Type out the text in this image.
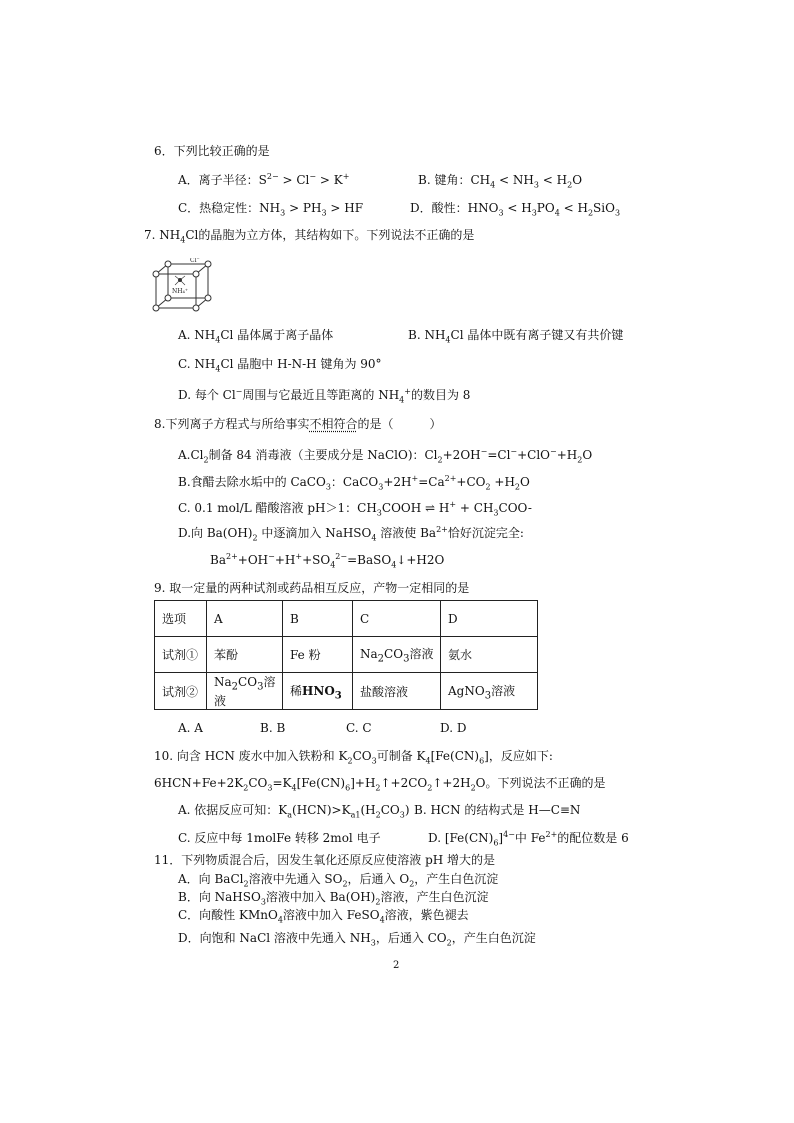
6．下列比较正确的是
A．离子半径：$S^{2-} > Cl^- > K^+$	B. 键角：$CH_4 < NH_3 < H_2O$
C．热稳定性：$NH_3 > PH_3$ > HF	D．酸性：$HNO_3 < H_3PO_4 < H_2SiO_3$
7. $NH_4Cl$的晶胞为立方体，其结构如下。下列说法不正确的是
Cl⁻
NH₄⁺
A. $NH_4Cl$ 晶体属于离子晶体	B. $NH_4Cl$ 晶体中既有离子键又有共价键
C. $NH_4Cl$ 晶胞中 H-N-H 键角为 90°
D. 每个 Cl−周围与它最近且等距离的 $NH_4^+$的数目为 8
8.下列离子方程式与所给事实不相符合的是（　　　）
$A.Cl_2$制备 84 消毒液（主要成分是 NaClO)：$Cl_2+2OH^-=Cl^-+ClO^-+H_2O$
B.食醋去除水垢中的 CaCO$_3$：$CaCO_3+2H^+=Ca^{2+}+CO_2 +H_2O$
C. 0.1 mol/L 醋酸溶液 pH＞1：$CH_3COOH$ ⇌ $H^+ + CH_3COO-$
D.向 $Ba(OH)_2$ 中逐滴加入 NaHSO$_4$ 溶液使 $Ba^{2+}$恰好沉淀完全:
$Ba^{2+}+OH^-+H^++SO_4^{2-}=BaSO_4↓+H2O$
9. 取一定量的两种试剂或药品相互反应，产物一定相同的是
选项	A	B	C	D
试剂①	苯酚	Fe 粉	$Na_2CO_3$溶液	氨水
试剂②	$Na_2CO_3$溶液	稀$HNO_3$	盐酸溶液	AgNO$_3$溶液
A. A	B. B	C. C	D. D
10. 向含 HCN 废水中加入铁粉和 $K_2CO_3$可制备 $K_4[Fe(CN)_6]$，反应如下:
$6HCN+Fe+2K_2CO_3=K_4[Fe(CN)_6]+H_2↑+2CO_2↑+2H_2O$。下列说法不正确的是
A. 依据反应可知：$K_a(HCN)>K_{a1}(H_2CO_3)$ B. HCN 的结构式是 H—C≡N
C. 反应中每 1molFe 转移 2mol 电子	D. $[Fe(CN)_6]^{4-}$中 $Fe^{2+}$的配位数是 6
11．下列物质混合后，因发生氧化还原反应使溶液 pH 增大的是
A．向 BaCl$_2$溶液中先通入 $SO_2$，后通入 $O_2$，产生白色沉淀
B．向 NaHSO$_3$溶液中加入 $Ba(OH)_2$溶液，产生白色沉淀
C．向酸性 KMnO$_4$溶液中加入 FeSO$_4$溶液，紫色褪去
D．向饱和 NaCl 溶液中先通入 $NH_3$，后通入 $CO_2$，产生白色沉淀
2
